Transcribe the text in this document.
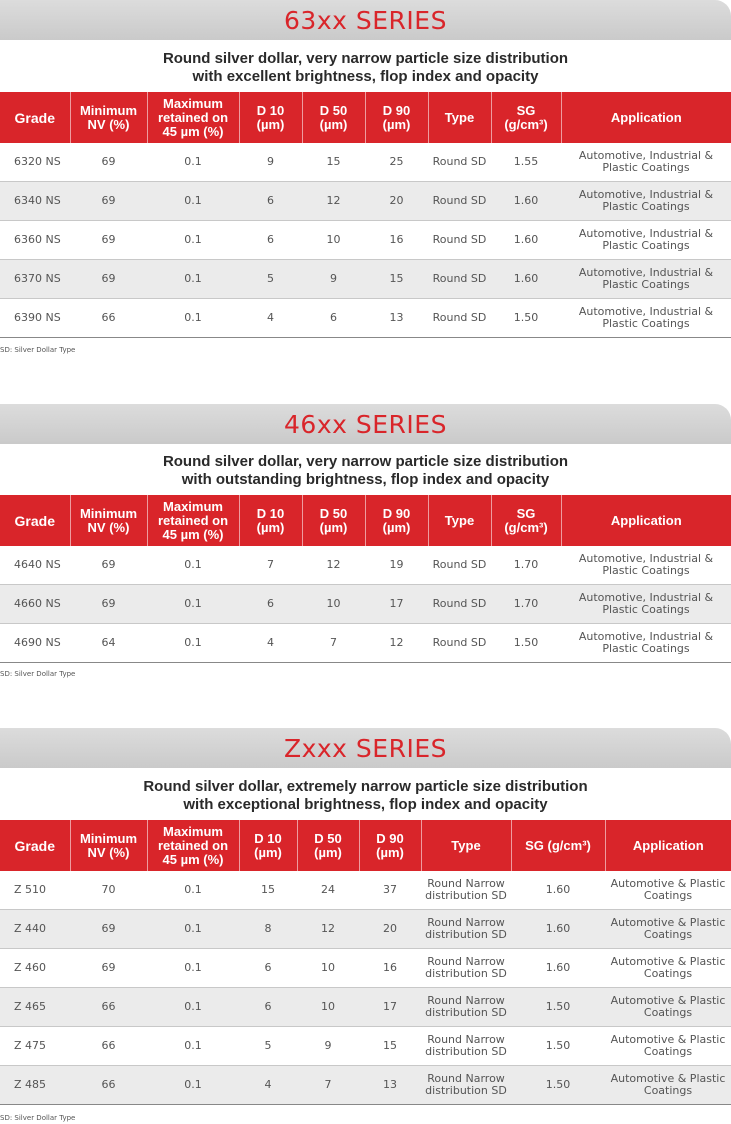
63xx SERIES
Round silver dollar, very narrow particle size distribution
with excellent brightness, flop index and opacity
Grade	Minimum NV (%)	Maximum retained on 45 µm (%)	D 10 (µm)	D 50 (µm)	D 90 (µm)	Type	SG (g/cm³)	Application
6320 NS	69	0.1	9	15	25	Round SD	1.55	Automotive, Industrial & Plastic Coatings
6340 NS	69	0.1	6	12	20	Round SD	1.60	Automotive, Industrial & Plastic Coatings
6360 NS	69	0.1	6	10	16	Round SD	1.60	Automotive, Industrial & Plastic Coatings
6370 NS	69	0.1	5	9	15	Round SD	1.60	Automotive, Industrial & Plastic Coatings
6390 NS	66	0.1	4	6	13	Round SD	1.50	Automotive, Industrial & Plastic Coatings
SD: Silver Dollar Type
46xx SERIES
Round silver dollar, very narrow particle size distribution
with outstanding brightness, flop index and opacity
Grade	Minimum NV (%)	Maximum retained on 45 µm (%)	D 10 (µm)	D 50 (µm)	D 90 (µm)	Type	SG (g/cm³)	Application
4640 NS	69	0.1	7	12	19	Round SD	1.70	Automotive, Industrial & Plastic Coatings
4660 NS	69	0.1	6	10	17	Round SD	1.70	Automotive, Industrial & Plastic Coatings
4690 NS	64	0.1	4	7	12	Round SD	1.50	Automotive, Industrial & Plastic Coatings
SD: Silver Dollar Type
Zxxx SERIES
Round silver dollar, extremely narrow particle size distribution
with exceptional brightness, flop index and opacity
Grade	Minimum NV (%)	Maximum retained on 45 µm (%)	D 10 (µm)	D 50 (µm)	D 90 (µm)	Type	SG (g/cm³)	Application
Z 510	70	0.1	15	24	37	Round Narrow distribution SD	1.60	Automotive & Plastic Coatings
Z 440	69	0.1	8	12	20	Round Narrow distribution SD	1.60	Automotive & Plastic Coatings
Z 460	69	0.1	6	10	16	Round Narrow distribution SD	1.60	Automotive & Plastic Coatings
Z 465	66	0.1	6	10	17	Round Narrow distribution SD	1.50	Automotive & Plastic Coatings
Z 475	66	0.1	5	9	15	Round Narrow distribution SD	1.50	Automotive & Plastic Coatings
Z 485	66	0.1	4	7	13	Round Narrow distribution SD	1.50	Automotive & Plastic Coatings
SD: Silver Dollar Type
